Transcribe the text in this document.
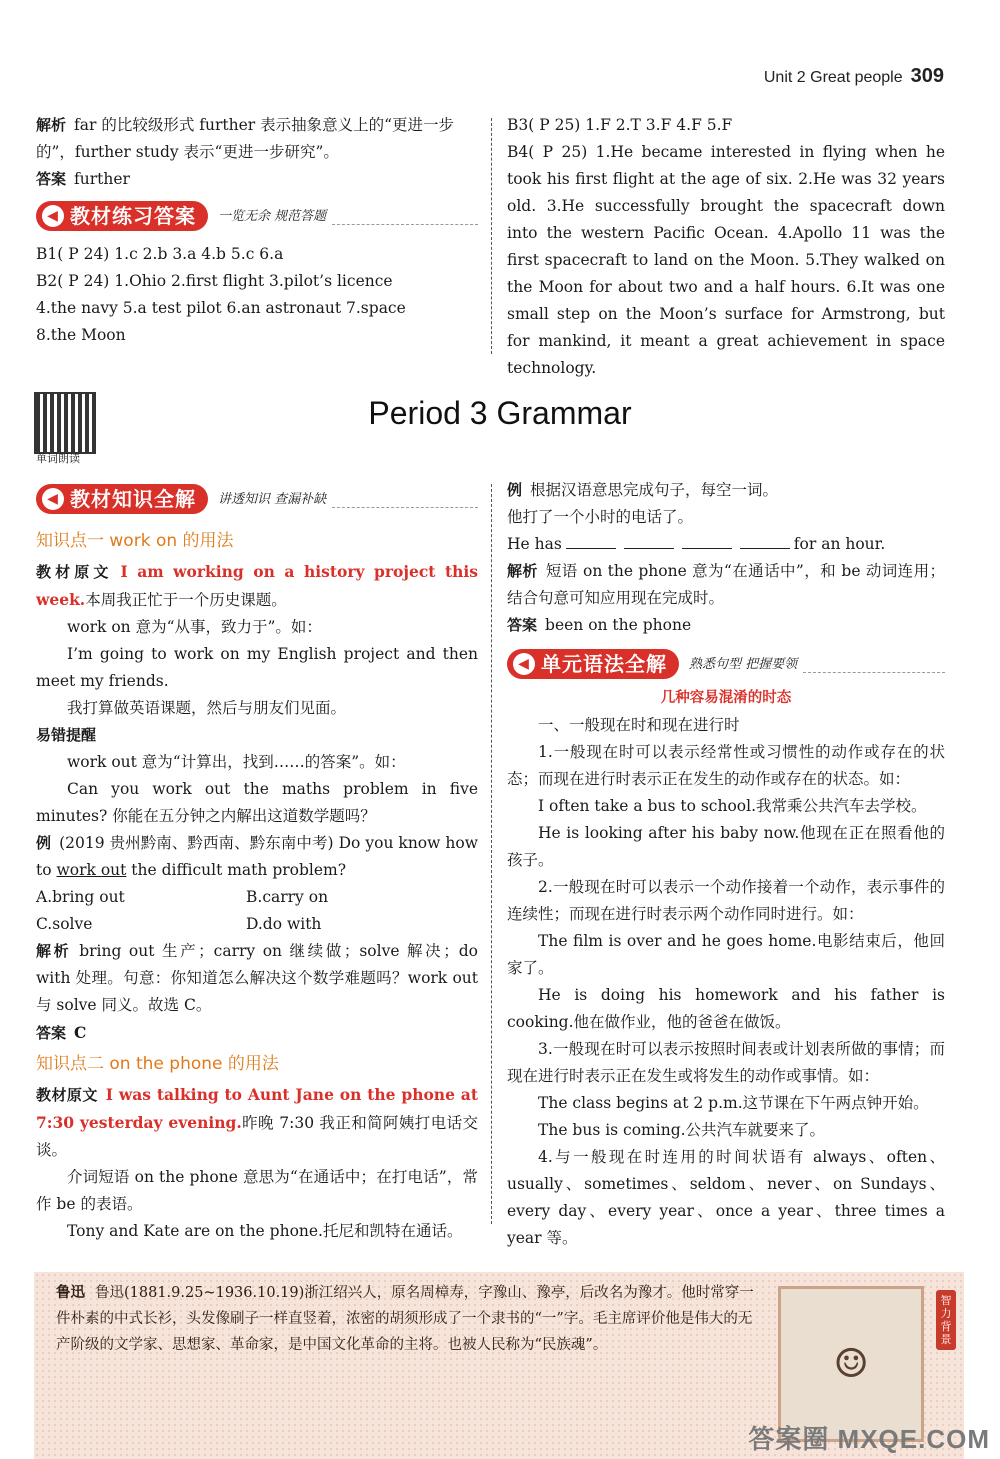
Unit 2 Great people 309

解析 far 的比较级形式 further 表示抽象意义上的“更进一步的”，further study 表示“更进一步研究”。

答案 further

◀ 教材练习答案 一览无余 规范答题

B1( P 24) 1.c 2.b 3.a 4.b 5.c 6.a

B2( P 24) 1.Ohio 2.first flight 3.pilot’s licence

4.the navy 5.a test pilot 6.an astronaut 7.space

8.the Moon

B3( P 25) 1.F 2.T 3.F 4.F 5.F

B4( P 25) 1.He became interested in flying when he took his first flight at the age of six. 2.He was 32 years old. 3.He successfully brought the spacecraft down into the western Pacific Ocean. 4.Apollo 11 was the first spacecraft to land on the Moon. 5.They walked on the Moon for about two and a half hours. 6.It was one small step on the Moon’s surface for Armstrong, but for mankind, it meant a great achievement in space technology.

单词朗读
Period 3 Grammar
◀ 教材知识全解 讲透知识 查漏补缺

知识点一 work on 的用法

教材原文 I am working on a history project this week.本周我正忙于一个历史课题。

work on 意为“从事，致力于”。如：

I’m going to work on my English project and then meet my friends.

我打算做英语课题，然后与朋友们见面。

易错提醒

work out 意为“计算出，找到……的答案”。如：

Can you work out the maths problem in five minutes? 你能在五分钟之内解出这道数学题吗？

例 (2019 贵州黔南、黔西南、黔东南中考) Do you know how to work out the difficult math problem?

A.bring out	B.carry on
C.solve	D.do with

解析 bring out 生产；carry on 继续做；solve 解决；do with 处理。句意：你知道怎么解决这个数学难题吗？work out 与 solve 同义。故选 C。

答案 C

知识点二 on the phone 的用法

教材原文 I was talking to Aunt Jane on the phone at 7:30 yesterday evening.昨晚 7:30 我正和简阿姨打电话交谈。

介词短语 on the phone 意思为“在通话中；在打电话”，常作 be 的表语。

Tony and Kate are on the phone.托尼和凯特在通话。

例 根据汉语意思完成句子，每空一词。

他打了一个小时的电话了。

He has	for an hour.

解析 短语 on the phone 意为“在通话中”，和 be 动词连用；结合句意可知应用现在完成时。

答案 been on the phone

◀ 单元语法全解 熟悉句型 把握要领

几种容易混淆的时态

一、一般现在时和现在进行时

1.一般现在时可以表示经常性或习惯性的动作或存在的状态；而现在进行时表示正在发生的动作或存在的状态。如：

I often take a bus to school.我常乘公共汽车去学校。

He is looking after his baby now.他现在正在照看他的孩子。

2.一般现在时可以表示一个动作接着一个动作，表示事件的连续性；而现在进行时表示两个动作同时进行。如：

The film is over and he goes home.电影结束后，他回家了。

He is doing his homework and his father is cooking.他在做作业，他的爸爸在做饭。

3.一般现在时可以表示按照时间表或计划表所做的事情；而现在进行时表示正在发生或将发生的动作或事情。如：

The class begins at 2 p.m.这节课在下午两点钟开始。

The bus is coming.公共汽车就要来了。

4.与一般现在时连用的时间状语有 always、often、usually、sometimes、seldom、never、on Sundays、every day、every year、once a year、three times a year 等。

鲁迅 鲁迅(1881.9.25~1936.10.19)浙江绍兴人，原名周樟寿，字豫山、豫亭，后改名为豫才。他时常穿一件朴素的中式长衫，头发像刷子一样直竖着，浓密的胡须形成了一个隶书的“一”字。毛主席评价他是伟大的无产阶级的文学家、思想家、革命家，是中国文化革命的主将。也被人民称为“民族魂”。	☺
智力背景
答案圈 MXQE.COM
